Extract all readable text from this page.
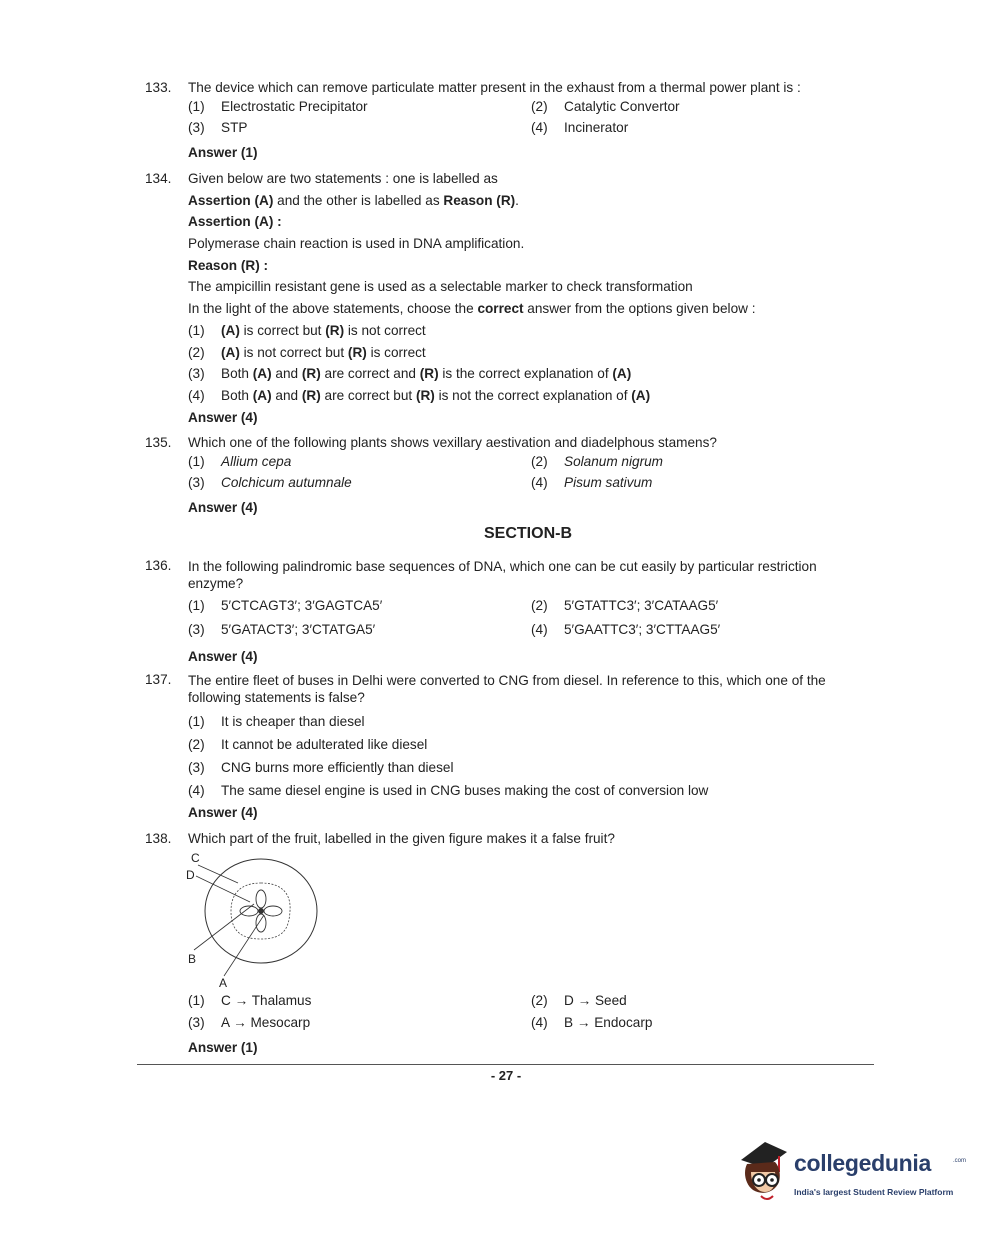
133. The device which can remove particulate matter present in the exhaust from a thermal power plant is :
(1) Electrostatic Precipitator	(2) Catalytic Convertor
(3) STP	(4) Incinerator
Answer (1)
134. Given below are two statements : one is labelled as
Assertion (A) and the other is labelled as Reason (R).
Assertion (A) :
Polymerase chain reaction is used in DNA amplification.
Reason (R) :
The ampicillin resistant gene is used as a selectable marker to check transformation
In the light of the above statements, choose the correct answer from the options given below :
(1) (A) is correct but (R) is not correct
(2) (A) is not correct but (R) is correct
(3) Both (A) and (R) are correct and (R) is the correct explanation of (A)
(4) Both (A) and (R) are correct but (R) is not the correct explanation of (A)
Answer (4)
135. Which one of the following plants shows vexillary aestivation and diadelphous stamens?
(1) Allium cepa	(2) Solanum nigrum
(3) Colchicum autumnale	(4) Pisum sativum
Answer (4)
SECTION-B
136. In the following palindromic base sequences of DNA, which one can be cut easily by particular restriction enzyme?
(1) 5′CTCAGT3′; 3′GAGTCA5′	(2) 5′GTATTC3′; 3′CATAAG5′
(3) 5′GATACT3′; 3′CTATGA5′	(4) 5′GAATTC3′; 3′CTTAAG5′
Answer (4)
137. The entire fleet of buses in Delhi were converted to CNG from diesel. In reference to this, which one of the following statements is false?
(1) It is cheaper than diesel
(2) It cannot be adulterated like diesel
(3) CNG burns more efficiently than diesel
(4) The same diesel engine is used in CNG buses making the cost of conversion low
Answer (4)
138. Which part of the fruit, labelled in the given figure makes it a false fruit?
C
D
B
A
(1) C → Thalamus	(2) D → Seed
(3) A → Mesocarp	(4) B → Endocarp
Answer (1)
- 27 -
collegedunia	.com
India's largest Student Review Platform
